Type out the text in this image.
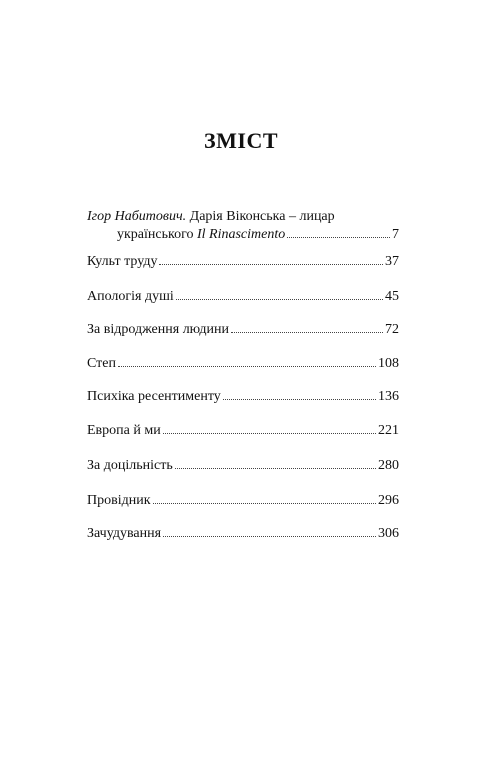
ЗМІСТ
Ігор Набитович. Дарія Віконська – лицар
українського
Il Rinascimento	7
Культ труду	37
Апологія душі	45
За відродження людини	72
Степ	108
Психіка ресентименту	136
Европа й ми	221
За доцільність	280
Провідник	296
Зачудування	306
